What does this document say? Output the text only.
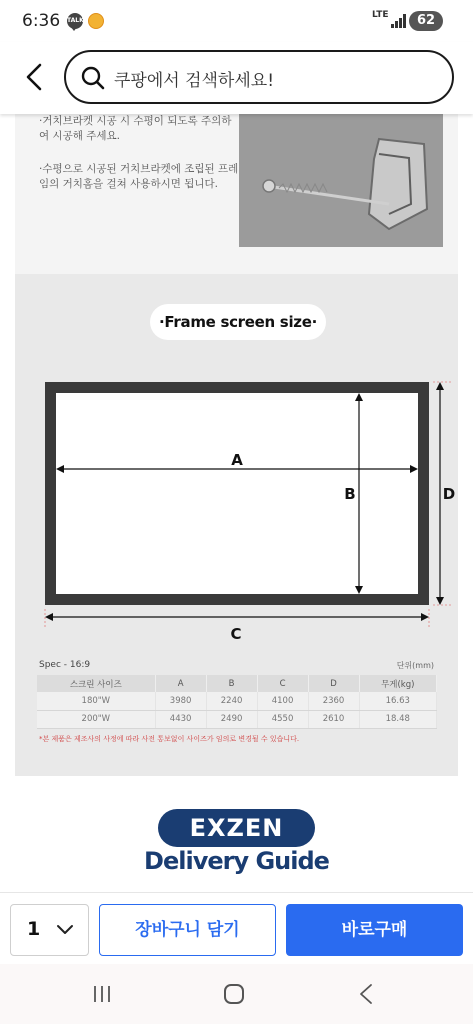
6:36 TALK
LTE	62
쿠팡에서 검색하세요!
·거치브라켓 시공 시 수평이 되도록 주의하여 시공해 주세요.
·수평으로 시공된 거치브라켓에 조립된 프레임의 거치홈을 걸쳐 사용하시면 됩니다.
·Frame screen size·
A
B	D
C
Spec - 16:9	단위(mm)
스크린 사이즈	A	B	C	D	무게(kg)
180"W	3980	2240	4100	2360	16.63
200"W	4430	2490	4550	2610	18.48
*본 제품은 제조사의 사정에 따라 사전 통보없이 사이즈가 임의로 변경될 수 있습니다.
EXZEN
Delivery Guide
1	장바구니 담기	바로구매
